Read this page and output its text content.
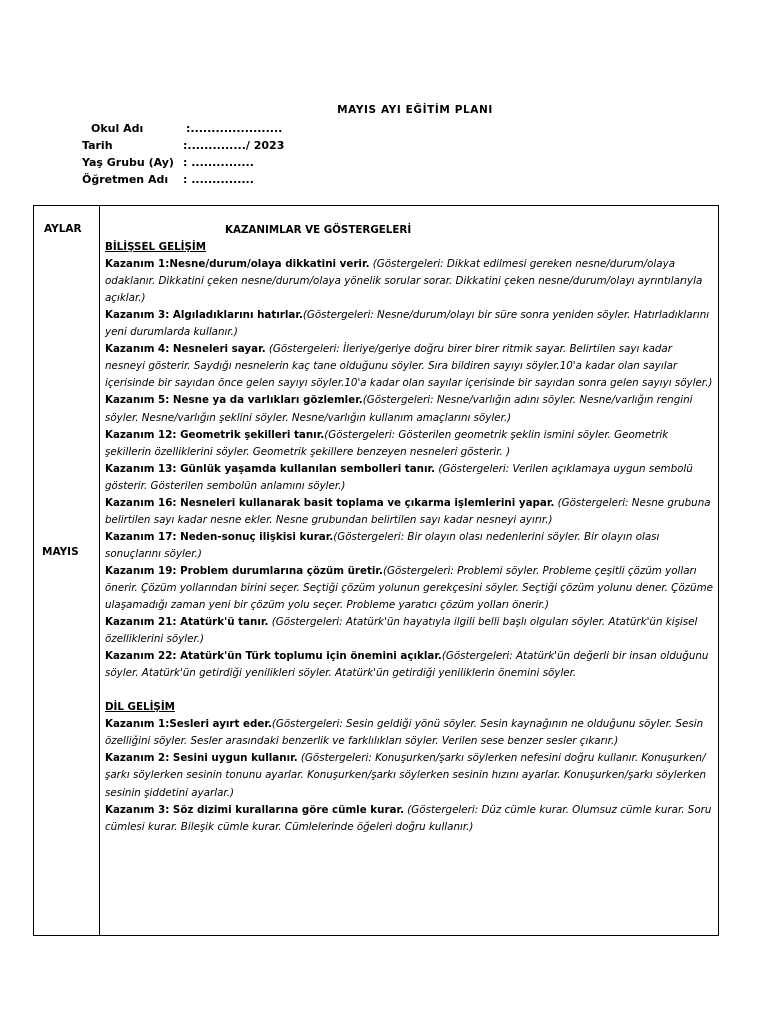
MAYIS AYI EĞİTİM PLANI
Okul Adı	:......................
Tarih	:............../ 2023
Yaş Grubu (Ay) : ...............
Öğretmen Adı : ...............
AYLAR
MAYIS
KAZANIMLAR VE GÖSTERGELERİ
BİLİŞSEL GELİŞİM

Kazanım 1:Nesne/durum/olaya dikkatini verir. (Göstergeleri: Dikkat edilmesi gereken nesne/durum/olaya odaklanır. Dikkatini çeken nesne/durum/olaya yönelik sorular sorar. Dikkatini çeken nesne/durum/olayı ayrıntılarıyla açıklar.)

Kazanım 3: Algıladıklarını hatırlar.(Göstergeleri: Nesne/durum/olayı bir süre sonra yeniden söyler. Hatırladıklarını yeni durumlarda kullanır.)

Kazanım 4: Nesneleri sayar. (Göstergeleri: İleriye/geriye doğru birer birer ritmik sayar. Belirtilen sayı kadar nesneyi gösterir. Saydığı nesnelerin kaç tane olduğunu söyler. Sıra bildiren sayıyı söyler.10'a kadar olan sayılar içerisinde bir sayıdan önce gelen sayıyı söyler.10'a kadar olan sayılar içerisinde bir sayıdan sonra gelen sayıyı söyler.)

Kazanım 5: Nesne ya da varlıkları gözlemler.(Göstergeleri: Nesne/varlığın adını söyler. Nesne/varlığın rengini söyler. Nesne/varlığın şeklini söyler. Nesne/varlığın kullanım amaçlarını söyler.)

Kazanım 12: Geometrik şekilleri tanır.(Göstergeleri: Gösterilen geometrik şeklin ismini söyler. Geometrik şekillerin özelliklerini söyler. Geometrik şekillere benzeyen nesneleri gösterir. )

Kazanım 13: Günlük yaşamda kullanılan sembolleri tanır. (Göstergeleri: Verilen açıklamaya uygun sembolü gösterir. Gösterilen sembolün anlamını söyler.)

Kazanım 16: Nesneleri kullanarak basit toplama ve çıkarma işlemlerini yapar. (Göstergeleri: Nesne grubuna belirtilen sayı kadar nesne ekler. Nesne grubundan belirtilen sayı kadar nesneyi ayırır.)

Kazanım 17: Neden-sonuç ilişkisi kurar.(Göstergeleri: Bir olayın olası nedenlerini söyler. Bir olayın olası sonuçlarını söyler.)

Kazanım 19: Problem durumlarına çözüm üretir.(Göstergeleri: Problemi söyler. Probleme çeşitli çözüm yolları önerir. Çözüm yollarından birini seçer. Seçtiği çözüm yolunun gerekçesini söyler. Seçtiği çözüm yolunu dener. Çözüme ulaşamadığı zaman yeni bir çözüm yolu seçer. Probleme yaratıcı çözüm yolları önerir.)

Kazanım 21: Atatürk'ü tanır. (Göstergeleri: Atatürk'ün hayatıyla ilgili belli başlı olguları söyler. Atatürk'ün kişisel özelliklerini söyler.)

Kazanım 22: Atatürk'ün Türk toplumu için önemini açıklar.(Göstergeleri: Atatürk'ün değerli bir insan olduğunu söyler. Atatürk'ün getirdiği yenilikleri söyler. Atatürk'ün getirdiği yeniliklerin önemini söyler.

DİL GELİŞİM

Kazanım 1:Sesleri ayırt eder.(Göstergeleri: Sesin geldiği yönü söyler. Sesin kaynağının ne olduğunu söyler. Sesin özelliğini söyler. Sesler arasındaki benzerlik ve farklılıkları söyler. Verilen sese benzer sesler çıkarır.)

Kazanım 2: Sesini uygun kullanır. (Göstergeleri: Konuşurken/şarkı söylerken nefesini doğru kullanır. Konuşurken/şarkı söylerken sesinin tonunu ayarlar. Konuşurken/şarkı söylerken sesinin hızını ayarlar. Konuşurken/şarkı söylerken sesinin şiddetini ayarlar.)

Kazanım 3: Söz dizimi kurallarına göre cümle kurar. (Göstergeleri: Düz cümle kurar. Olumsuz cümle kurar. Soru cümlesi kurar. Bileşik cümle kurar. Cümlelerinde öğeleri doğru kullanır.)
